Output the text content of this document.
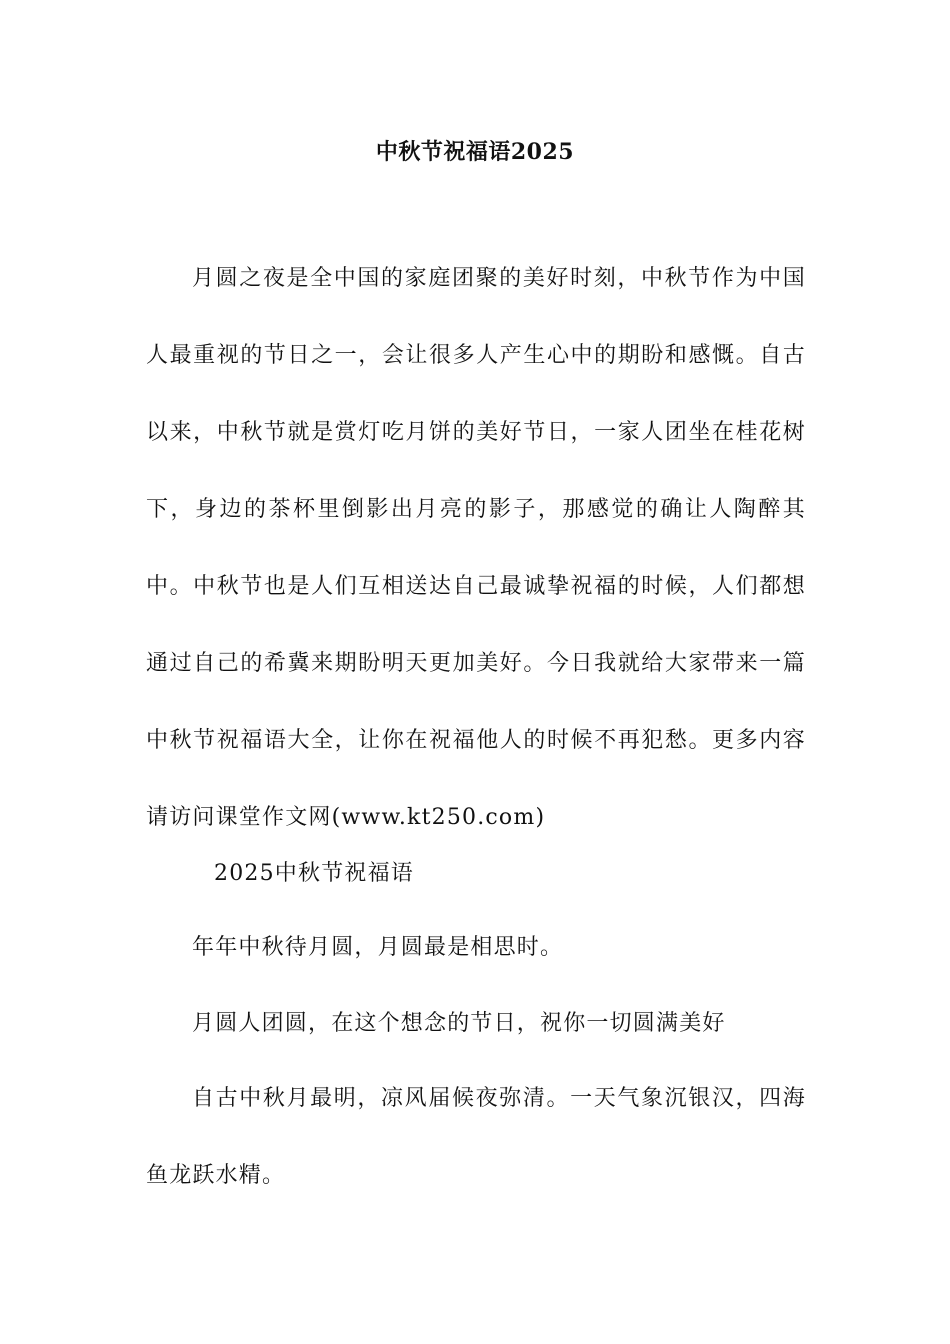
中秋节祝福语2025

月圆之夜是全中国的家庭团聚的美好时刻，中秋节作为中国人最重视的节日之一，会让很多人产生心中的期盼和感慨。自古以来，中秋节就是赏灯吃月饼的美好节日，一家人团坐在桂花树下，身边的茶杯里倒影出月亮的影子，那感觉的确让人陶醉其中。中秋节也是人们互相送达自己最诚挚祝福的时候，人们都想通过自己的希冀来期盼明天更加美好。今日我就给大家带来一篇中秋节祝福语大全，让你在祝福他人的时候不再犯愁。更多内容请访问课堂作文网(www.kt250.com)

2025中秋节祝福语

年年中秋待月圆，月圆最是相思时。

月圆人团圆，在这个想念的节日，祝你一切圆满美好

自古中秋月最明，凉风届候夜弥清。一天气象沉银汉，四海鱼龙跃水精。
